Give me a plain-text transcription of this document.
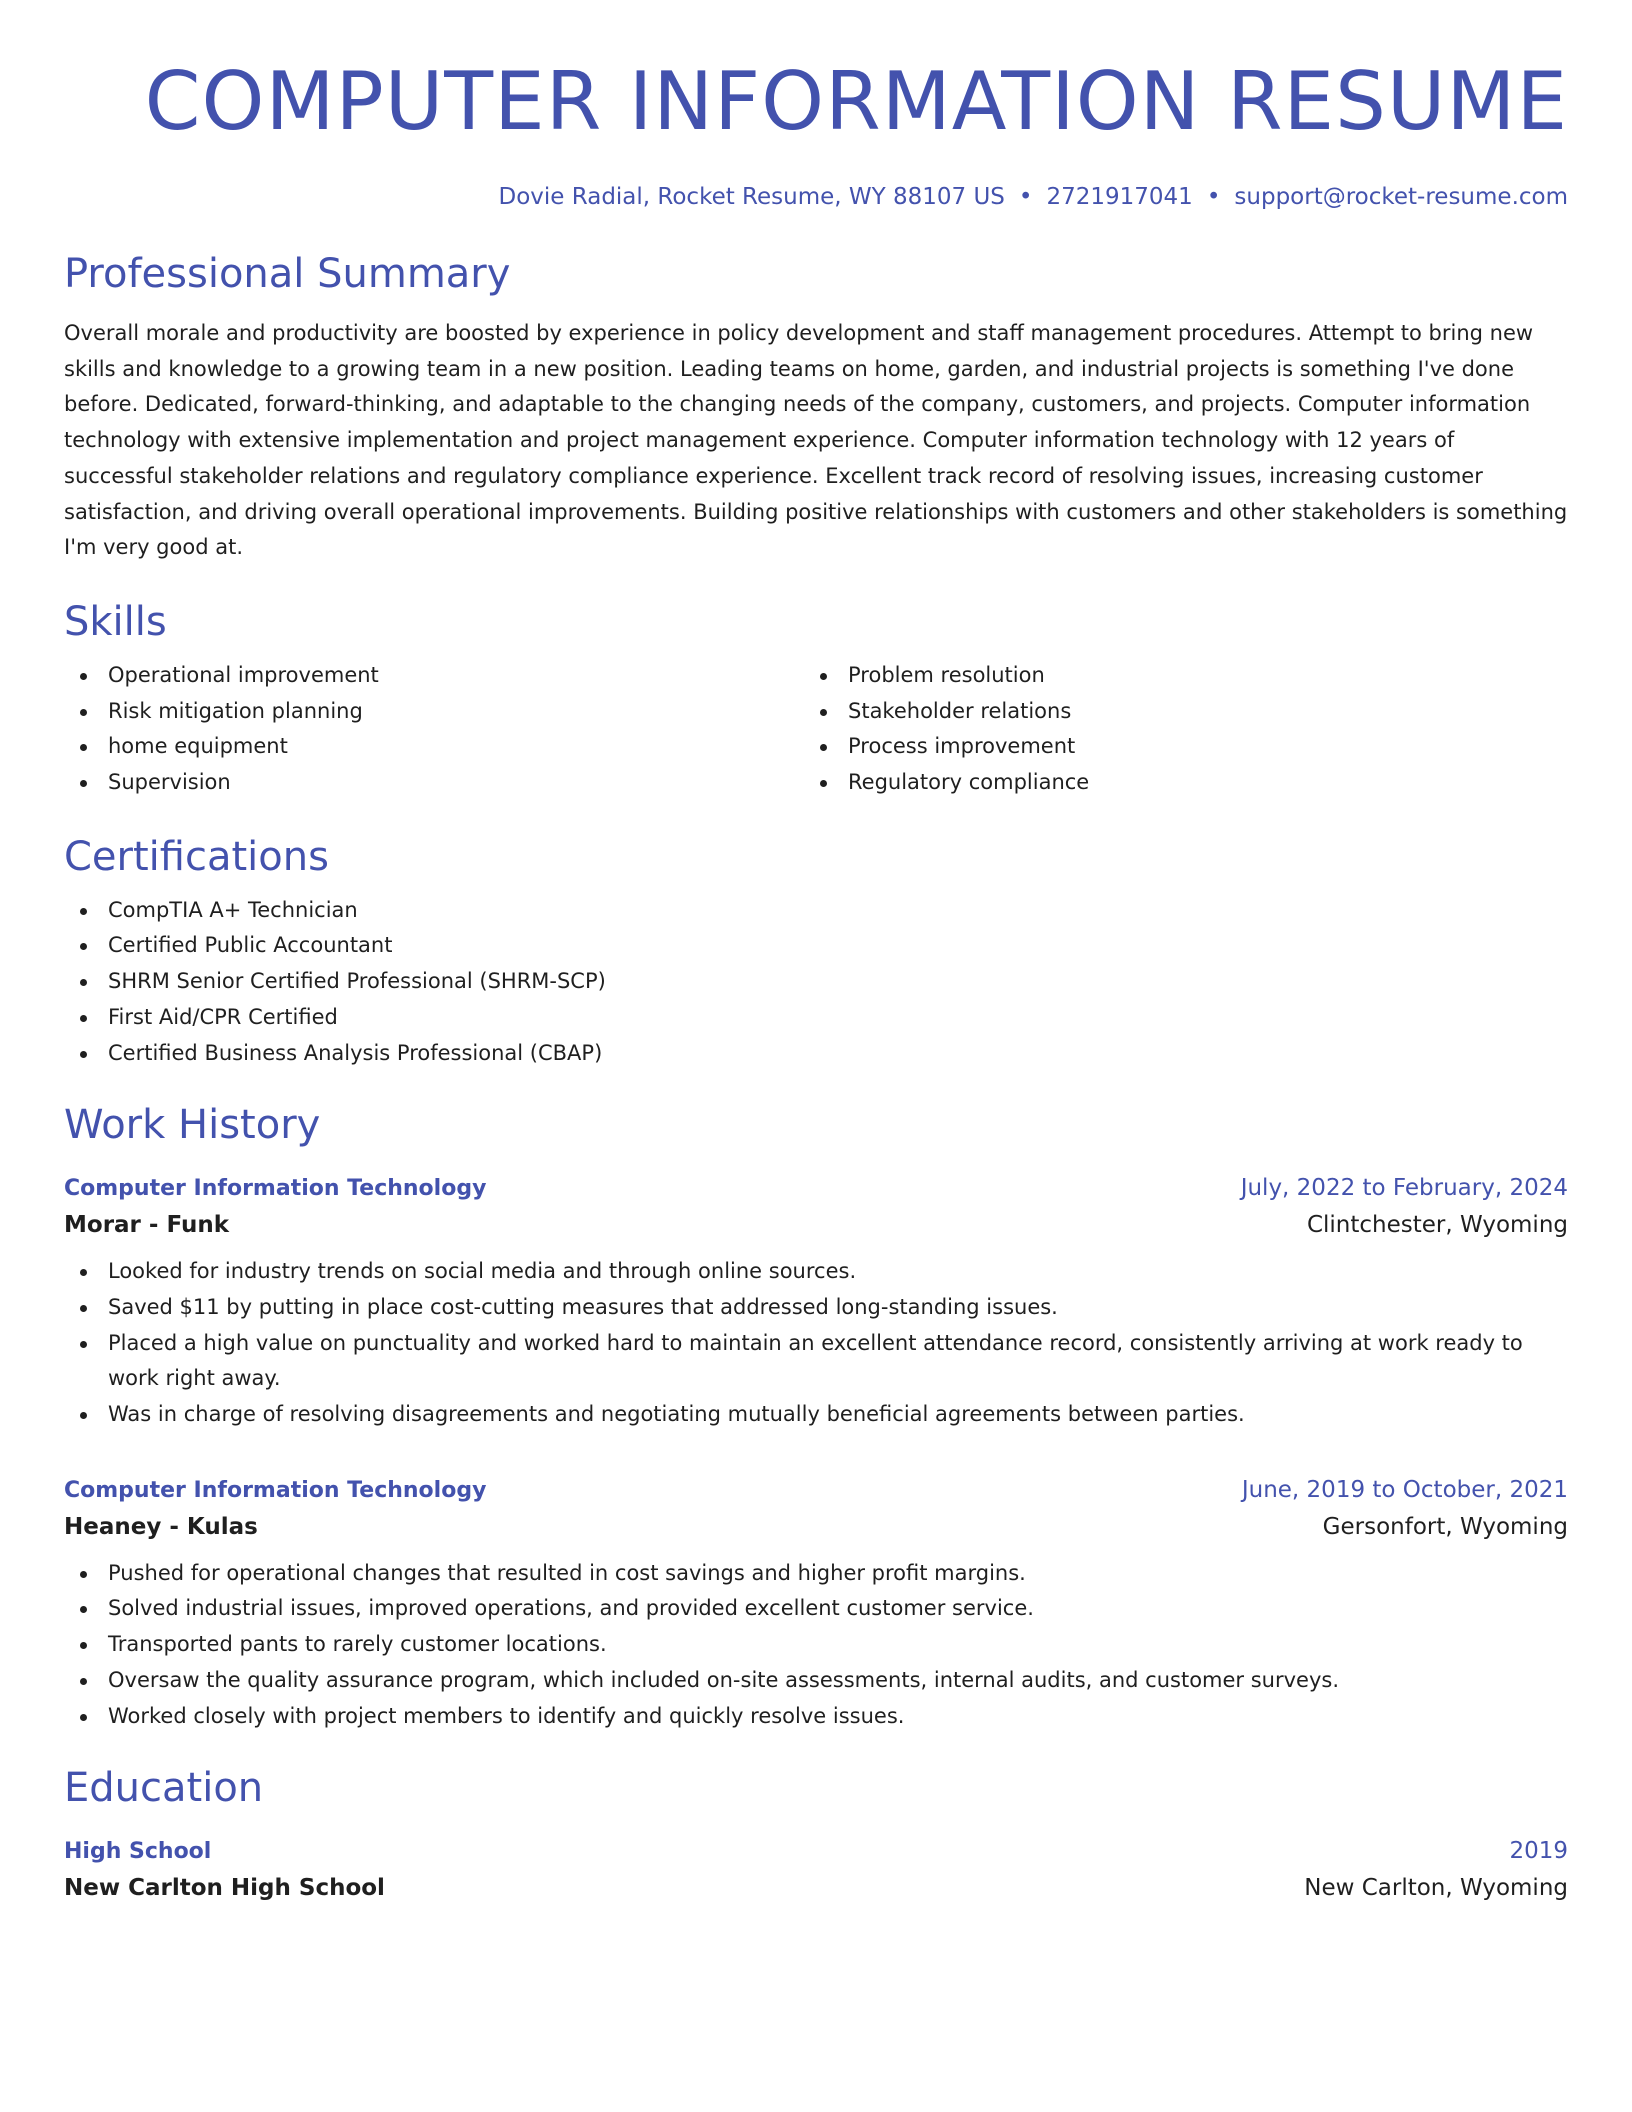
COMPUTER INFORMATION RESUME
Dovie Radial, Rocket Resume, WY 88107 US • 2721917041 • support@rocket-resume.com
Professional Summary
Overall morale and productivity are boosted by experience in policy development and staff management procedures. Attempt to bring new skills and knowledge to a growing team in a new position. Leading teams on home, garden, and industrial projects is something I've done before. Dedicated, forward-thinking, and adaptable to the changing needs of the company, customers, and projects. Computer information technology with extensive implementation and project management experience. Computer information technology with 12 years of successful stakeholder relations and regulatory compliance experience. Excellent track record of resolving issues, increasing customer satisfaction, and driving overall operational improvements. Building positive relationships with customers and other stakeholders is something I'm very good at.
Skills
Operational improvement
Risk mitigation planning
home equipment
Supervision
Problem resolution
Stakeholder relations
Process improvement
Regulatory compliance
Certifications
CompTIA A+ Technician
Certified Public Accountant
SHRM Senior Certified Professional (SHRM-SCP)
First Aid/CPR Certified
Certified Business Analysis Professional (CBAP)
Work History
Computer Information Technology	July, 2022 to February, 2024
Morar - Funk	Clintchester, Wyoming
Looked for industry trends on social media and through online sources.
Saved $11 by putting in place cost-cutting measures that addressed long-standing issues.
Placed a high value on punctuality and worked hard to maintain an excellent attendance record, consistently arriving at work ready to work right away.
Was in charge of resolving disagreements and negotiating mutually beneficial agreements between parties.
Computer Information Technology	June, 2019 to October, 2021
Heaney - Kulas	Gersonfort, Wyoming
Pushed for operational changes that resulted in cost savings and higher profit margins.
Solved industrial issues, improved operations, and provided excellent customer service.
Transported pants to rarely customer locations.
Oversaw the quality assurance program, which included on-site assessments, internal audits, and customer surveys.
Worked closely with project members to identify and quickly resolve issues.
Education
High School	2019
New Carlton High School	New Carlton, Wyoming
